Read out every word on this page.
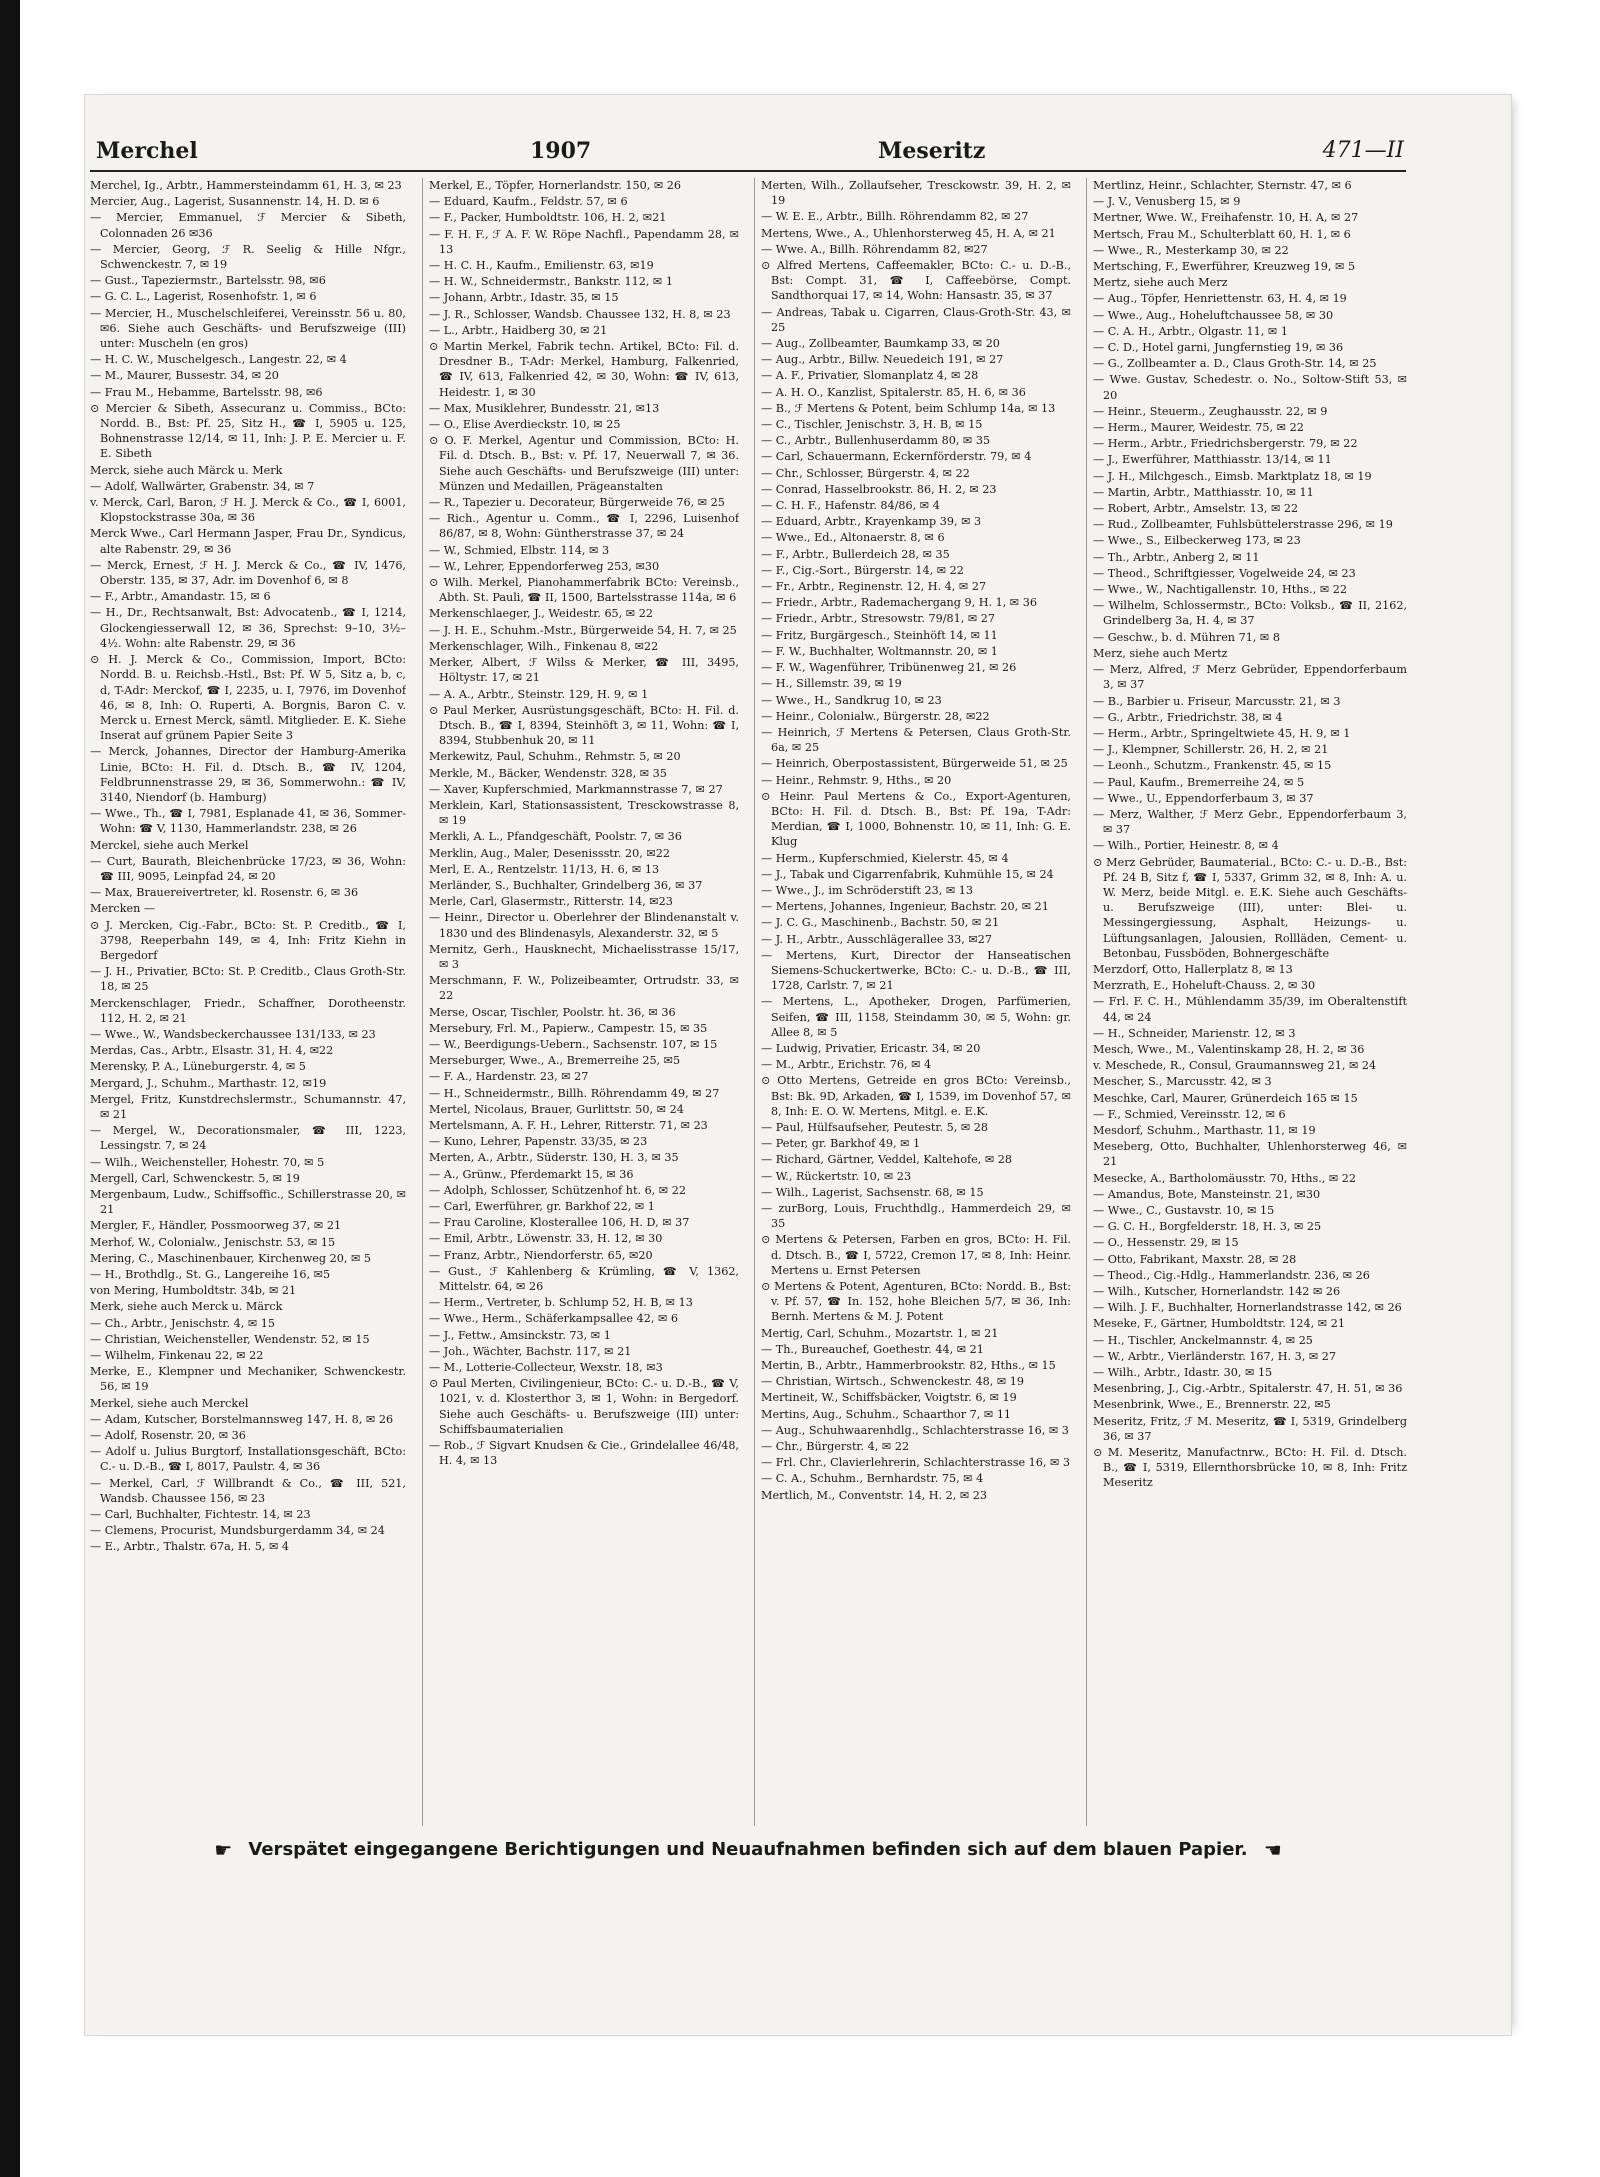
Merchel	1907	Meseritz	471—II
Merchel, Ig., Arbtr., Hammersteindamm 61, H. 3, ✉ 23
Mercier, Aug., Lagerist, Susannenstr. 14, H. D. ✉ 6
— Mercier, Emmanuel, ℱ Mercier & Sibeth, Colonnaden 26 ✉36
— Mercier, Georg, ℱ R. Seelig & Hille Nfgr., Schwenckestr. 7, ✉ 19
— Gust., Tapeziermstr., Bartelsstr. 98, ✉6
— G. C. L., Lagerist, Rosenhofstr. 1, ✉ 6
— Mercier, H., Muschelschleiferei, Vereinsstr. 56 u. 80, ✉6. Siehe auch Geschäfts- und Berufszweige (III) unter: Muscheln (en gros)
— H. C. W., Muschelgesch., Langestr. 22, ✉ 4
— M., Maurer, Bussestr. 34, ✉ 20
— Frau M., Hebamme, Bartelsstr. 98, ✉6
⊙ Mercier & Sibeth, Assecuranz u. Commiss., BCto: Nordd. B., Bst: Pf. 25, Sitz H., ☎ I, 5905 u. 125, Bohnenstrasse 12/14, ✉ 11, Inh: J. P. E. Mercier u. F. E. Sibeth
Merck, siehe auch Märck u. Merk
— Adolf, Wallwärter, Grabenstr. 34, ✉ 7
v. Merck, Carl, Baron, ℱ H. J. Merck & Co., ☎ I, 6001, Klopstockstrasse 30a, ✉ 36
Merck Wwe., Carl Hermann Jasper, Frau Dr., Syndicus, alte Rabenstr. 29, ✉ 36
— Merck, Ernest, ℱ H. J. Merck & Co., ☎ IV, 1476, Oberstr. 135, ✉ 37, Adr. im Dovenhof 6, ✉ 8
— F., Arbtr., Amandastr. 15, ✉ 6
— H., Dr., Rechtsanwalt, Bst: Advocatenb., ☎ I, 1214, Glockengiesserwall 12, ✉ 36, Sprechst: 9–10, 3½–4½. Wohn: alte Rabenstr. 29, ✉ 36
⊙ H. J. Merck & Co., Commission, Import, BCto: Nordd. B. u. Reichsb.-Hstl., Bst: Pf. W 5, Sitz a, b, c, d, T-Adr: Merckof, ☎ I, 2235, u. I, 7976, im Dovenhof 46, ✉ 8, Inh: O. Ruperti, A. Borgnis, Baron C. v. Merck u. Ernest Merck, sämtl. Mitglieder. E. K. Siehe Inserat auf grünem Papier Seite 3
— Merck, Johannes, Director der Hamburg-Amerika Linie, BCto: H. Fil. d. Dtsch. B., ☎ IV, 1204, Feldbrunnenstrasse 29, ✉ 36, Sommerwohn.: ☎ IV, 3140, Niendorf (b. Hamburg)
— Wwe., Th., ☎ I, 7981, Esplanade 41, ✉ 36, Sommer-Wohn: ☎ V, 1130, Hammerlandstr. 238, ✉ 26
Merckel, siehe auch Merkel
— Curt, Baurath, Bleichenbrücke 17/23, ✉ 36, Wohn: ☎ III, 9095, Leinpfad 24, ✉ 20
— Max, Brauereivertreter, kl. Rosenstr. 6, ✉ 36
Mercken —
⊙ J. Mercken, Cig.-Fabr., BCto: St. P. Creditb., ☎ I, 3798, Reeperbahn 149, ✉ 4, Inh: Fritz Kiehn in Bergedorf
— J. H., Privatier, BCto: St. P. Creditb., Claus Groth-Str. 18, ✉ 25
Merckenschlager, Friedr., Schaffner, Dorotheenstr. 112, H. 2, ✉ 21
— Wwe., W., Wandsbeckerchaussee 131/133, ✉ 23
Merdas, Cas., Arbtr., Elsastr. 31, H. 4, ✉22
Merensky, P. A., Lüneburgerstr. 4, ✉ 5
Mergard, J., Schuhm., Marthastr. 12, ✉19
Mergel, Fritz, Kunstdrechslermstr., Schumannstr. 47, ✉ 21
— Mergel, W., Decorationsmaler, ☎ III, 1223, Lessingstr. 7, ✉ 24
— Wilh., Weichensteller, Hohestr. 70, ✉ 5
Mergell, Carl, Schwenckestr. 5, ✉ 19
Mergenbaum, Ludw., Schiffsoffic., Schillerstrasse 20, ✉ 21
Mergler, F., Händler, Possmoorweg 37, ✉ 21
Merhof, W., Colonialw., Jenischstr. 53, ✉ 15
Mering, C., Maschinenbauer, Kirchenweg 20, ✉ 5
— H., Brothdlg., St. G., Langereihe 16, ✉5
von Mering, Humboldtstr. 34b, ✉ 21
Merk, siehe auch Merck u. Märck
— Ch., Arbtr., Jenischstr. 4, ✉ 15
— Christian, Weichensteller, Wendenstr. 52, ✉ 15
— Wilhelm, Finkenau 22, ✉ 22
Merke, E., Klempner und Mechaniker, Schwenckestr. 56, ✉ 19
Merkel, siehe auch Merckel
— Adam, Kutscher, Borstelmannsweg 147, H. 8, ✉ 26
— Adolf, Rosenstr. 20, ✉ 36
— Adolf u. Julius Burgtorf, Installationsgeschäft, BCto: C.- u. D.-B., ☎ I, 8017, Paulstr. 4, ✉ 36
— Merkel, Carl, ℱ Willbrandt & Co., ☎ III, 521, Wandsb. Chaussee 156, ✉ 23
— Carl, Buchhalter, Fichtestr. 14, ✉ 23
— Clemens, Procurist, Mundsburgerdamm 34, ✉ 24
— E., Arbtr., Thalstr. 67a, H. 5, ✉ 4
Merkel, E., Töpfer, Hornerlandstr. 150, ✉ 26
— Eduard, Kaufm., Feldstr. 57, ✉ 6
— F., Packer, Humboldtstr. 106, H. 2, ✉21
— F. H. F., ℱ A. F. W. Röpe Nachfl., Papendamm 28, ✉ 13
— H. C. H., Kaufm., Emilienstr. 63, ✉19
— H. W., Schneidermstr., Bankstr. 112, ✉ 1
— Johann, Arbtr., Idastr. 35, ✉ 15
— J. R., Schlosser, Wandsb. Chaussee 132, H. 8, ✉ 23
— L., Arbtr., Haidberg 30, ✉ 21
⊙ Martin Merkel, Fabrik techn. Artikel, BCto: Fil. d. Dresdner B., T-Adr: Merkel, Hamburg, Falkenried, ☎ IV, 613, Falkenried 42, ✉ 30, Wohn: ☎ IV, 613, Heidestr. 1, ✉ 30
— Max, Musiklehrer, Bundesstr. 21, ✉13
— O., Elise Averdieckstr. 10, ✉ 25
⊙ O. F. Merkel, Agentur und Commission, BCto: H. Fil. d. Dtsch. B., Bst: v. Pf. 17, Neuerwall 7, ✉ 36. Siehe auch Geschäfts- und Berufszweige (III) unter: Münzen und Medaillen, Prägeanstalten
— R., Tapezier u. Decorateur, Bürgerweide 76, ✉ 25
— Rich., Agentur u. Comm., ☎ I, 2296, Luisenhof 86/87, ✉ 8, Wohn: Güntherstrasse 37, ✉ 24
— W., Schmied, Elbstr. 114, ✉ 3
— W., Lehrer, Eppendorferweg 253, ✉30
⊙ Wilh. Merkel, Pianohammerfabrik BCto: Vereinsb., Abth. St. Pauli, ☎ II, 1500, Bartelsstrasse 114a, ✉ 6
Merkenschlaeger, J., Weidestr. 65, ✉ 22
— J. H. E., Schuhm.-Mstr., Bürgerweide 54, H. 7, ✉ 25
Merkenschlager, Wilh., Finkenau 8, ✉22
Merker, Albert, ℱ Wilss & Merker, ☎ III, 3495, Höltystr. 17, ✉ 21
— A. A., Arbtr., Steinstr. 129, H. 9, ✉ 1
⊙ Paul Merker, Ausrüstungsgeschäft, BCto: H. Fil. d. Dtsch. B., ☎ I, 8394, Steinhöft 3, ✉ 11, Wohn: ☎ I, 8394, Stubbenhuk 20, ✉ 11
Merkewitz, Paul, Schuhm., Rehmstr. 5, ✉ 20
Merkle, M., Bäcker, Wendenstr. 328, ✉ 35
— Xaver, Kupferschmied, Markmannstrasse 7, ✉ 27
Merklein, Karl, Stationsassistent, Tresckowstrasse 8, ✉ 19
Merkli, A. L., Pfandgeschäft, Poolstr. 7, ✉ 36
Merklin, Aug., Maler, Desenissstr. 20, ✉22
Merl, E. A., Rentzelstr. 11/13, H. 6, ✉ 13
Merländer, S., Buchhalter, Grindelberg 36, ✉ 37
Merle, Carl, Glasermstr., Ritterstr. 14, ✉23
— Heinr., Director u. Oberlehrer der Blindenanstalt v. 1830 und des Blindenasyls, Alexanderstr. 32, ✉ 5
Mernitz, Gerh., Hausknecht, Michaelisstrasse 15/17, ✉ 3
Merschmann, F. W., Polizeibeamter, Ortrudstr. 33, ✉ 22
Merse, Oscar, Tischler, Poolstr. ht. 36, ✉ 36
Mersebury, Frl. M., Papierw., Campestr. 15, ✉ 35
— W., Beerdigungs-Uebern., Sachsenstr. 107, ✉ 15
Merseburger, Wwe., A., Bremerreihe 25, ✉5
— F. A., Hardenstr. 23, ✉ 27
— H., Schneidermstr., Billh. Röhrendamm 49, ✉ 27
Mertel, Nicolaus, Brauer, Gurlittstr. 50, ✉ 24
Mertelsmann, A. F. H., Lehrer, Ritterstr. 71, ✉ 23
— Kuno, Lehrer, Papenstr. 33/35, ✉ 23
Merten, A., Arbtr., Süderstr. 130, H. 3, ✉ 35
— A., Grünw., Pferdemarkt 15, ✉ 36
— Adolph, Schlosser, Schützenhof ht. 6, ✉ 22
— Carl, Ewerführer, gr. Barkhof 22, ✉ 1
— Frau Caroline, Klosterallee 106, H. D, ✉ 37
— Emil, Arbtr., Löwenstr. 33, H. 12, ✉ 30
— Franz, Arbtr., Niendorferstr. 65, ✉20
— Gust., ℱ Kahlenberg & Krümling, ☎ V, 1362, Mittelstr. 64, ✉ 26
— Herm., Vertreter, b. Schlump 52, H. B, ✉ 13
— Wwe., Herm., Schäferkampsallee 42, ✉ 6
— J., Fettw., Amsinckstr. 73, ✉ 1
— Joh., Wächter, Bachstr. 117, ✉ 21
— M., Lotterie-Collecteur, Wexstr. 18, ✉3
⊙ Paul Merten, Civilingenieur, BCto: C.- u. D.-B., ☎ V, 1021, v. d. Klosterthor 3, ✉ 1, Wohn: in Bergedorf. Siehe auch Geschäfts- u. Berufszweige (III) unter: Schiffsbaumaterialien
— Rob., ℱ Sigvart Knudsen & Cie., Grindelallee 46/48, H. 4, ✉ 13
Merten, Wilh., Zollaufseher, Tresckowstr. 39, H. 2, ✉ 19
— W. E. E., Arbtr., Billh. Röhrendamm 82, ✉ 27
Mertens, Wwe., A., Uhlenhorsterweg 45, H. A, ✉ 21
— Wwe. A., Billh. Röhrendamm 82, ✉27
⊙ Alfred Mertens, Caffeemakler, BCto: C.- u. D.-B., Bst: Compt. 31, ☎ I, Caffeebörse, Compt. Sandthorquai 17, ✉ 14, Wohn: Hansastr. 35, ✉ 37
— Andreas, Tabak u. Cigarren, Claus-Groth-Str. 43, ✉ 25
— Aug., Zollbeamter, Baumkamp 33, ✉ 20
— Aug., Arbtr., Billw. Neuedeich 191, ✉ 27
— A. F., Privatier, Slomanplatz 4, ✉ 28
— A. H. O., Kanzlist, Spitalerstr. 85, H. 6, ✉ 36
— B., ℱ Mertens & Potent, beim Schlump 14a, ✉ 13
— C., Tischler, Jenischstr. 3, H. B, ✉ 15
— C., Arbtr., Bullenhuserdamm 80, ✉ 35
— Carl, Schauermann, Eckernförderstr. 79, ✉ 4
— Chr., Schlosser, Bürgerstr. 4, ✉ 22
— Conrad, Hasselbrookstr. 86, H. 2, ✉ 23
— C. H. F., Hafenstr. 84/86, ✉ 4
— Eduard, Arbtr., Krayenkamp 39, ✉ 3
— Wwe., Ed., Altonaerstr. 8, ✉ 6
— F., Arbtr., Bullerdeich 28, ✉ 35
— F., Cig.-Sort., Bürgerstr. 14, ✉ 22
— Fr., Arbtr., Reginenstr. 12, H. 4, ✉ 27
— Friedr., Arbtr., Rademachergang 9, H. 1, ✉ 36
— Friedr., Arbtr., Stresowstr. 79/81, ✉ 27
— Fritz, Burgärgesch., Steinhöft 14, ✉ 11
— F. W., Buchhalter, Woltmannstr. 20, ✉ 1
— F. W., Wagenführer, Tribünenweg 21, ✉ 26
— H., Sillemstr. 39, ✉ 19
— Wwe., H., Sandkrug 10, ✉ 23
— Heinr., Colonialw., Bürgerstr. 28, ✉22
— Heinrich, ℱ Mertens & Petersen, Claus Groth-Str. 6a, ✉ 25
— Heinrich, Oberpostassistent, Bürgerweide 51, ✉ 25
— Heinr., Rehmstr. 9, Hths., ✉ 20
⊙ Heinr. Paul Mertens & Co., Export-Agenturen, BCto: H. Fil. d. Dtsch. B., Bst: Pf. 19a, T-Adr: Merdian, ☎ I, 1000, Bohnenstr. 10, ✉ 11, Inh: G. E. Klug
— Herm., Kupferschmied, Kielerstr. 45, ✉ 4
— J., Tabak und Cigarrenfabrik, Kuhmühle 15, ✉ 24
— Wwe., J., im Schröderstift 23, ✉ 13
— Mertens, Johannes, Ingenieur, Bachstr. 20, ✉ 21
— J. C. G., Maschinenb., Bachstr. 50, ✉ 21
— J. H., Arbtr., Ausschlägerallee 33, ✉27
— Mertens, Kurt, Director der Hanseatischen Siemens-Schuckertwerke, BCto: C.- u. D.-B., ☎ III, 1728, Carlstr. 7, ✉ 21
— Mertens, L., Apotheker, Drogen, Parfümerien, Seifen, ☎ III, 1158, Steindamm 30, ✉ 5, Wohn: gr. Allee 8, ✉ 5
— Ludwig, Privatier, Ericastr. 34, ✉ 20
— M., Arbtr., Erichstr. 76, ✉ 4
⊙ Otto Mertens, Getreide en gros BCto: Vereinsb., Bst: Bk. 9D, Arkaden, ☎ I, 1539, im Dovenhof 57, ✉ 8, Inh: E. O. W. Mertens, Mitgl. e. E.K.
— Paul, Hülfsaufseher, Peutestr. 5, ✉ 28
— Peter, gr. Barkhof 49, ✉ 1
— Richard, Gärtner, Veddel, Kaltehofe, ✉ 28
— W., Rückertstr. 10, ✉ 23
— Wilh., Lagerist, Sachsenstr. 68, ✉ 15
— zurBorg, Louis, Fruchthdlg., Hammerdeich 29, ✉ 35
⊙ Mertens & Petersen, Farben en gros, BCto: H. Fil. d. Dtsch. B., ☎ I, 5722, Cremon 17, ✉ 8, Inh: Heinr. Mertens u. Ernst Petersen
⊙ Mertens & Potent, Agenturen, BCto: Nordd. B., Bst: v. Pf. 57, ☎ In. 152, hohe Bleichen 5/7, ✉ 36, Inh: Bernh. Mertens & M. J. Potent
Mertig, Carl, Schuhm., Mozartstr. 1, ✉ 21
— Th., Bureauchef, Goethestr. 44, ✉ 21
Mertin, B., Arbtr., Hammerbrookstr. 82, Hths., ✉ 15
— Christian, Wirtsch., Schwenckestr. 48, ✉ 19
Mertineit, W., Schiffsbäcker, Voigtstr. 6, ✉ 19
Mertins, Aug., Schuhm., Schaarthor 7, ✉ 11
— Aug., Schuhwaarenhdlg., Schlachterstrasse 16, ✉ 3
— Chr., Bürgerstr. 4, ✉ 22
— Frl. Chr., Clavierlehrerin, Schlachterstrasse 16, ✉ 3
— C. A., Schuhm., Bernhardstr. 75, ✉ 4
Mertlich, M., Conventstr. 14, H. 2, ✉ 23
Mertlinz, Heinr., Schlachter, Sternstr. 47, ✉ 6
— J. V., Venusberg 15, ✉ 9
Mertner, Wwe. W., Freihafenstr. 10, H. A, ✉ 27
Mertsch, Frau M., Schulterblatt 60, H. 1, ✉ 6
— Wwe., R., Mesterkamp 30, ✉ 22
Mertsching, F., Ewerführer, Kreuzweg 19, ✉ 5
Mertz, siehe auch Merz
— Aug., Töpfer, Henriettenstr. 63, H. 4, ✉ 19
— Wwe., Aug., Hoheluftchaussee 58, ✉ 30
— C. A. H., Arbtr., Olgastr. 11, ✉ 1
— C. D., Hotel garni, Jungfernstieg 19, ✉ 36
— G., Zollbeamter a. D., Claus Groth-Str. 14, ✉ 25
— Wwe. Gustav, Schedestr. o. No., Soltow-Stift 53, ✉ 20
— Heinr., Steuerm., Zeughausstr. 22, ✉ 9
— Herm., Maurer, Weidestr. 75, ✉ 22
— Herm., Arbtr., Friedrichsbergerstr. 79, ✉ 22
— J., Ewerführer, Matthiasstr. 13/14, ✉ 11
— J. H., Milchgesch., Eimsb. Marktplatz 18, ✉ 19
— Martin, Arbtr., Matthiasstr. 10, ✉ 11
— Robert, Arbtr., Amselstr. 13, ✉ 22
— Rud., Zollbeamter, Fuhlsbüttelerstrasse 296, ✉ 19
— Wwe., S., Eilbeckerweg 173, ✉ 23
— Th., Arbtr., Anberg 2, ✉ 11
— Theod., Schriftgiesser, Vogelweide 24, ✉ 23
— Wwe., W., Nachtigallenstr. 10, Hths., ✉ 22
— Wilhelm, Schlossermstr., BCto: Volksb., ☎ II, 2162, Grindelberg 3a, H. 4, ✉ 37
— Geschw., b. d. Mühren 71, ✉ 8
Merz, siehe auch Mertz
— Merz, Alfred, ℱ Merz Gebrüder, Eppendorferbaum 3, ✉ 37
— B., Barbier u. Friseur, Marcusstr. 21, ✉ 3
— G., Arbtr., Friedrichstr. 38, ✉ 4
— Herm., Arbtr., Springeltwiete 45, H. 9, ✉ 1
— J., Klempner, Schillerstr. 26, H. 2, ✉ 21
— Leonh., Schutzm., Frankenstr. 45, ✉ 15
— Paul, Kaufm., Bremerreihe 24, ✉ 5
— Wwe., U., Eppendorferbaum 3, ✉ 37
— Merz, Walther, ℱ Merz Gebr., Eppendorferbaum 3, ✉ 37
— Wilh., Portier, Heinestr. 8, ✉ 4
⊙ Merz Gebrüder, Baumaterial., BCto: C.- u. D.-B., Bst: Pf. 24 B, Sitz f, ☎ I, 5337, Grimm 32, ✉ 8, Inh: A. u. W. Merz, beide Mitgl. e. E.K. Siehe auch Geschäfts- u. Berufszweige (III), unter: Blei- u. Messingergiessung, Asphalt, Heizungs- u. Lüftungsanlagen, Jalousien, Rollläden, Cement- u. Betonbau, Fussböden, Bohnergeschäfte
Merzdorf, Otto, Hallerplatz 8, ✉ 13
Merzrath, E., Hoheluft-Chauss. 2, ✉ 30
— Frl. F. C. H., Mühlendamm 35/39, im Oberaltenstift 44, ✉ 24
— H., Schneider, Marienstr. 12, ✉ 3
Mesch, Wwe., M., Valentinskamp 28, H. 2, ✉ 36
v. Meschede, R., Consul, Graumannsweg 21, ✉ 24
Mescher, S., Marcusstr. 42, ✉ 3
Meschke, Carl, Maurer, Grünerdeich 165 ✉ 15
— F., Schmied, Vereinsstr. 12, ✉ 6
Mesdorf, Schuhm., Marthastr. 11, ✉ 19
Meseberg, Otto, Buchhalter, Uhlenhorsterweg 46, ✉ 21
Mesecke, A., Bartholomäusstr. 70, Hths., ✉ 22
— Amandus, Bote, Mansteinstr. 21, ✉30
— Wwe., C., Gustavstr. 10, ✉ 15
— G. C. H., Borgfelderstr. 18, H. 3, ✉ 25
— O., Hessenstr. 29, ✉ 15
— Otto, Fabrikant, Maxstr. 28, ✉ 28
— Theod., Cig.-Hdlg., Hammerlandstr. 236, ✉ 26
— Wilh., Kutscher, Hornerlandstr. 142 ✉ 26
— Wilh. J. F., Buchhalter, Hornerlandstrasse 142, ✉ 26
Meseke, F., Gärtner, Humboldtstr. 124, ✉ 21
— H., Tischler, Anckelmannstr. 4, ✉ 25
— W., Arbtr., Vierländerstr. 167, H. 3, ✉ 27
— Wilh., Arbtr., Idastr. 30, ✉ 15
Mesenbring, J., Cig.-Arbtr., Spitalerstr. 47, H. 51, ✉ 36
Mesenbrink, Wwe., E., Brennerstr. 22, ✉5
Meseritz, Fritz, ℱ M. Meseritz, ☎ I, 5319, Grindelberg 36, ✉ 37
⊙ M. Meseritz, Manufactnrw., BCto: H. Fil. d. Dtsch. B., ☎ I, 5319, Ellernthorsbrücke 10, ✉ 8, Inh: Fritz Meseritz
☛ Verspätet eingegangene Berichtigungen und Neuaufnahmen befinden sich auf dem blauen Papier. ☚
